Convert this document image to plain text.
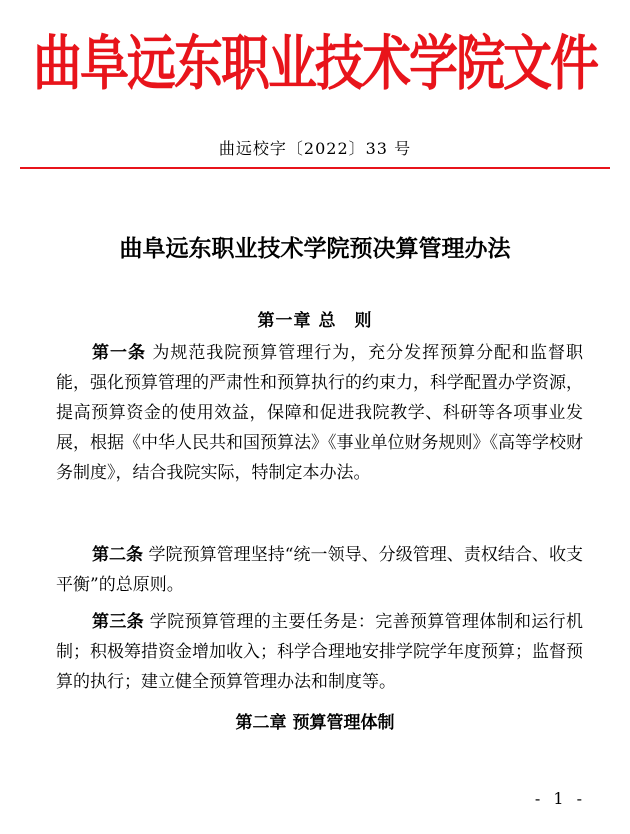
曲阜远东职业技术学院文件
曲远校字〔2022〕33 号
曲阜远东职业技术学院预决算管理办法
第一章 总　则

第一条 为规范我院预算管理行为，充分发挥预算分配和监督职能，强化预算管理的严肃性和预算执行的约束力，科学配置办学资源，提高预算资金的使用效益，保障和促进我院教学、科研等各项事业发展，根据《中华人民共和国预算法》《事业单位财务规则》《高等学校财务制度》，结合我院实际，特制定本办法。

第二条 学院预算管理坚持“统一领导、分级管理、责权结合、收支平衡”的总原则。

第三条 学院预算管理的主要任务是：完善预算管理体制和运行机制；积极筹措资金增加收入；科学合理地安排学院学年度预算；监督预算的执行；建立健全预算管理办法和制度等。

第二章 预算管理体制
- 1 -
